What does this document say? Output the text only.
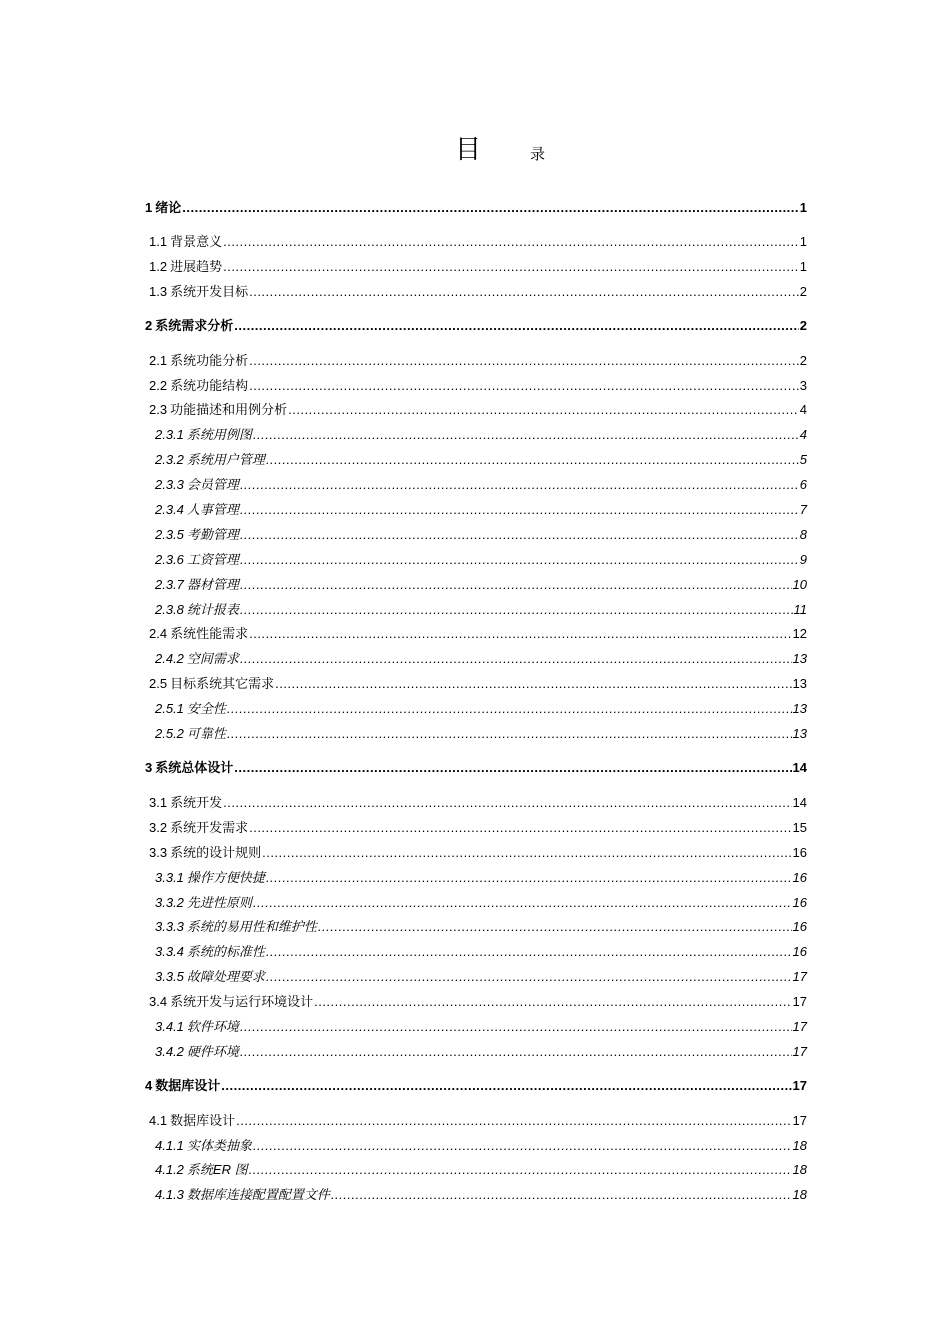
目	录
1 绪论 .....	1
1.1 背景意义 .....	1
1.2 进展趋势 .....	1
1.3 系统开发目标 .....	2
2 系统需求分析 .....	2
2.1 系统功能分析 .....	2
2.2 系统功能结构 .....	3
2.3 功能描述和用例分析 .....	4
2.3.1 系统用例图 .....	4
2.3.2 系统用户管理 .....	5
2.3.3 会员管理 .....	6
2.3.4 人事管理 .....	7
2.3.5 考勤管理 .....	8
2.3.6 工资管理 .....	9
2.3.7 器材管理 .....	10
2.3.8 统计报表 .....	11
2.4 系统性能需求 .....	12
2.4.2 空间需求 .....	13
2.5 目标系统其它需求 .....	13
2.5.1 安全性 .....	13
2.5.2 可靠性 .....	13
3 系统总体设计 .....	14
3.1 系统开发 .....	14
3.2 系统开发需求 .....	15
3.3 系统的设计规则 .....	16
3.3.1 操作方便快捷 .....	16
3.3.2 先进性原则 .....	16
3.3.3 系统的易用性和维护性 .....	16
3.3.4 系统的标准性 .....	16
3.3.5 故障处理要求 .....	17
3.4 系统开发与运行环境设计 .....	17
3.4.1 软件环境 .....	17
3.4.2 硬件环境 .....	17
4 数据库设计 .....	17
4.1 数据库设计 .....	17
4.1.1 实体类抽象 .....	18
4.1.2 系统ER 图 .....	18
4.1.3 数据库连接配置配置文件 .....	18
